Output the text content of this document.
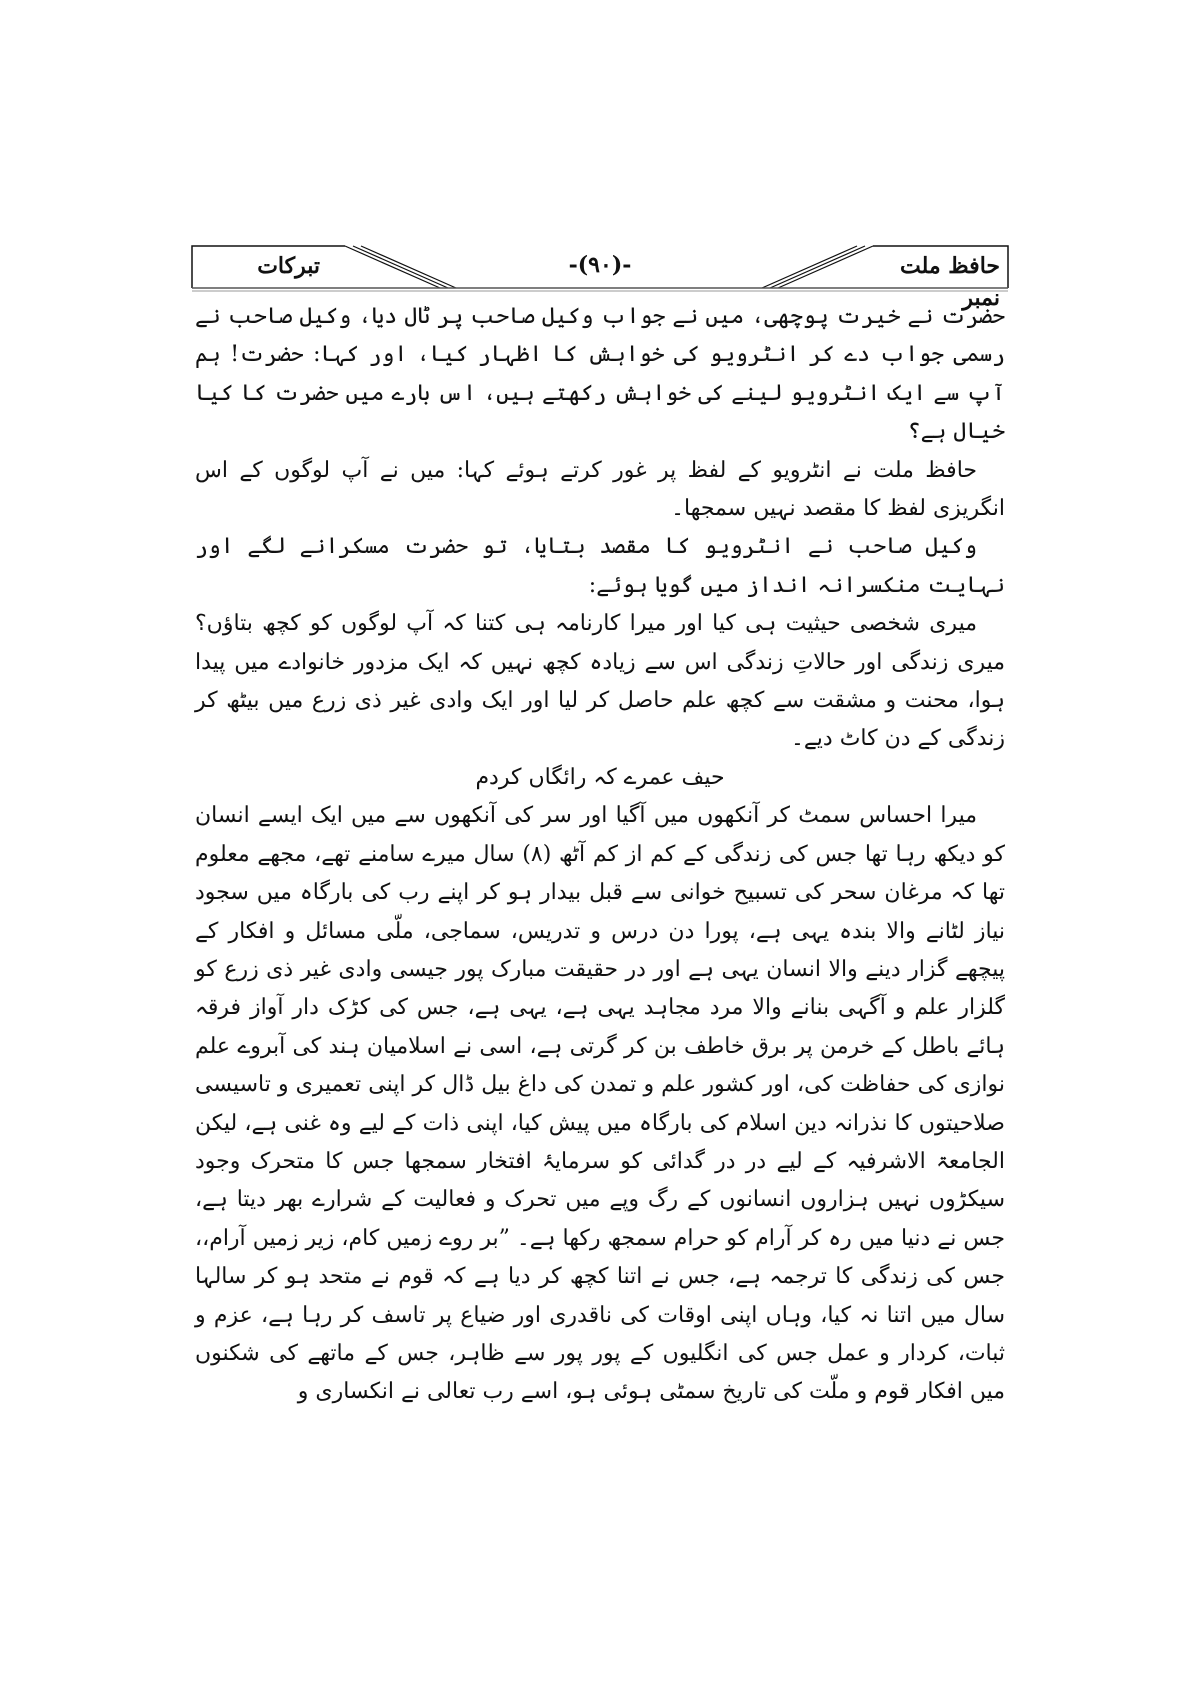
تبرکات	-(۹۰)-	حافظ ملت نمبر

حضرت نے خیرت پوچھی، میں نے جواب وکیل صاحب پر ٹال دیا، وکیل صاحب نے رسمی جواب دے کر انٹرویو کی خواہش کا اظہار کیا، اور کہا: حضرت! ہم آپ سے ایک انٹرویو لینے کی خواہش رکھتے ہیں، اس بارے میں حضرت کا کیا خیال ہے؟

حافظ ملت نے انٹرویو کے لفظ پر غور کرتے ہوئے کہا: میں نے آپ لوگوں کے اس انگریزی لفظ کا مقصد نہیں سمجھا۔

وکیل صاحب نے انٹرویو کا مقصد بتایا، تو حضرت مسکرانے لگے اور نہایت منکسرانہ انداز میں گویا ہوئے:

میری شخصی حیثیت ہی کیا اور میرا کارنامہ ہی کتنا کہ آپ لوگوں کو کچھ بتاؤں؟ میری زندگی اور حالاتِ زندگی اس سے زیادہ کچھ نہیں کہ ایک مزدور خانوادے میں پیدا ہوا، محنت و مشقت سے کچھ علم حاصل کر لیا اور ایک وادی غیر ذی زرع میں بیٹھ کر زندگی کے دن کاٹ دیے۔

حیف عمرے کہ رائگاں کردم

میرا احساس سمٹ کر آنکھوں میں آگیا اور سر کی آنکھوں سے میں ایک ایسے انسان کو دیکھ رہا تھا جس کی زندگی کے کم از کم آٹھ (۸) سال میرے سامنے تھے، مجھے معلوم تھا کہ مرغان سحر کی تسبیح خوانی سے قبل بیدار ہو کر اپنے رب کی بارگاہ میں سجود نیاز لٹانے والا بندہ یہی ہے، پورا دن درس و تدریس، سماجی، ملّی مسائل و افکار کے پیچھے گزار دینے والا انسان یہی ہے اور در حقیقت مبارک پور جیسی وادی غیر ذی زرع کو گلزار علم و آگہی بنانے والا مرد مجاہد یہی ہے، یہی ہے، جس کی کڑک دار آواز فرقہ ہائے باطل کے خرمن پر برق خاطف بن کر گرتی ہے، اسی نے اسلامیان ہند کی آبروے علم نوازی کی حفاظت کی، اور کشور علم و تمدن کی داغ بیل ڈال کر اپنی تعمیری و تاسیسی صلاحیتوں کا نذرانہ دین اسلام کی بارگاہ میں پیش کیا، اپنی ذات کے لیے وہ غنی ہے، لیکن الجامعۃ الاشرفیہ کے لیے در در گدائی کو سرمایۂ افتخار سمجھا جس کا متحرک وجود سیکڑوں نہیں ہزاروں انسانوں کے رگ وپے میں تحرک و فعالیت کے شرارے بھر دیتا ہے، جس نے دنیا میں رہ کر آرام کو حرام سمجھ رکھا ہے۔ ”بر روے زمیں کام، زیر زمیں آرام،، جس کی زندگی کا ترجمہ ہے، جس نے اتنا کچھ کر دیا ہے کہ قوم نے متحد ہو کر سالہا سال میں اتنا نہ کیا، وہاں اپنی اوقات کی ناقدری اور ضیاع پر تاسف کر رہا ہے، عزم و ثبات، کردار و عمل جس کی انگلیوں کے پور پور سے ظاہر، جس کے ماتھے کی شکنوں میں افکار قوم و ملّت کی تاریخ سمٹی ہوئی ہو، اسے رب تعالی نے انکساری و
